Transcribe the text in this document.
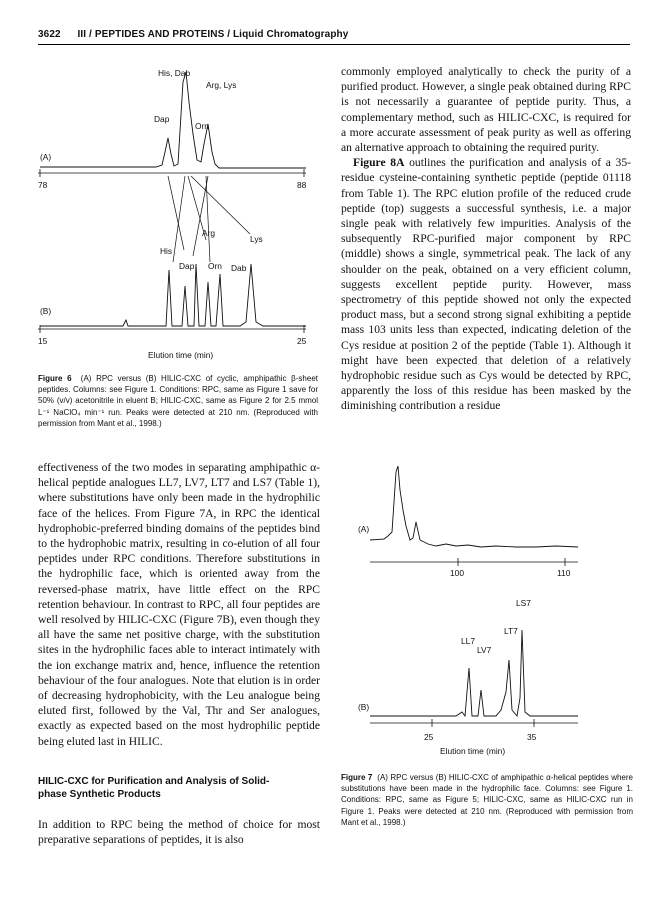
3622 III / PEPTIDES AND PROTEINS / Liquid Chromatography
His, Dab
Arg, Lys
Dap
Orn
(A)
78	88
Arg
Lys
His
Dap Orn Dab
(B)
15	25
Elution time (min)
Figure 6 (A) RPC versus (B) HILIC-CXC of cyclic, amphipathic β-sheet peptides. Columns: see Figure 1. Conditions: RPC, same as Figure 1 save for 50% (v/v) acetonitrile in eluent B; HILIC-CXC, same as Figure 2 for 2.5 mmol L⁻¹ NaClO₄ min⁻¹ run. Peaks were detected at 210 nm. (Reproduced with permission from Mant et al., 1998.)

commonly employed analytically to check the purity of a purified product. However, a single peak obtained during RPC is not necessarily a guarantee of peptide purity. Thus, a complementary method, such as HILIC-CXC, is required for a more accurate assessment of peak purity as well as offering an alternative approach to obtaining the required purity.

Figure 8A outlines the purification and analysis of a 35-residue cysteine-containing synthetic peptide (peptide 01118 from Table 1). The RPC elution profile of the reduced crude peptide (top) suggests a successful synthesis, i.e. a major single peak with relatively few impurities. Analysis of the subsequently RPC-purified major component by RPC (middle) shows a single, symmetrical peak. The lack of any shoulder on the peak, obtained on a very efficient column, suggests excellent peptide purity. However, mass spectrometry of this peptide showed not only the expected product mass, but a second strong signal exhibiting a peptide mass 103 units less than expected, indicating deletion of the Cys residue at position 2 of the peptide (Table 1). Although it might have been expected that deletion of a relatively hydrophobic residue such as Cys would be detected by RPC, apparently the loss of this residue has been masked by the diminishing contribution a residue

effectiveness of the two modes in separating amphipathic α-helical peptide analogues LL7, LV7, LT7 and LS7 (Table 1), where substitutions have only been made in the hydrophilic face of the helices. From Figure 7A, in RPC the identical hydrophobic-preferred binding domains of the peptides bind to the hydrophobic matrix, resulting in co-elution of all four peptides under RPC conditions. Therefore substitutions in the hydrophilic face, which is oriented away from the reversed-phase matrix, have little effect on the RPC retention behaviour. In contrast to RPC, all four peptides are well resolved by HILIC-CXC (Figure 7B), even though they all have the same net positive charge, with the substitution sites in the hydrophilic faces able to interact intimately with the ion exchange matrix and, hence, influence the retention behaviour of the four analogues. Note that elution is in order of decreasing hydrophobicity, with the Leu analogue being eluted first, followed by the Val, Thr and Ser analogues, exactly as expected based on the most hydrophilic peptide being eluted last in HILIC.

HILIC-CXC for Purification and Analysis of Solid-phase Synthetic Products

In addition to RPC being the method of choice for most preparative separations of peptides, it is also

(A)
100	110
LS7
LT7
LL7
LV7
(B)
25	35
Elution time (min)
Figure 7 (A) RPC versus (B) HILIC-CXC of amphipathic α-helical peptides where substitutions have been made in the hydrophilic face. Columns: see Figure 1. Conditions: RPC, same as Figure 5; HILIC-CXC, same as HILIC-CXC run in Figure 1. Peaks were detected at 210 nm. (Reproduced with permission from Mant et al., 1998.)
